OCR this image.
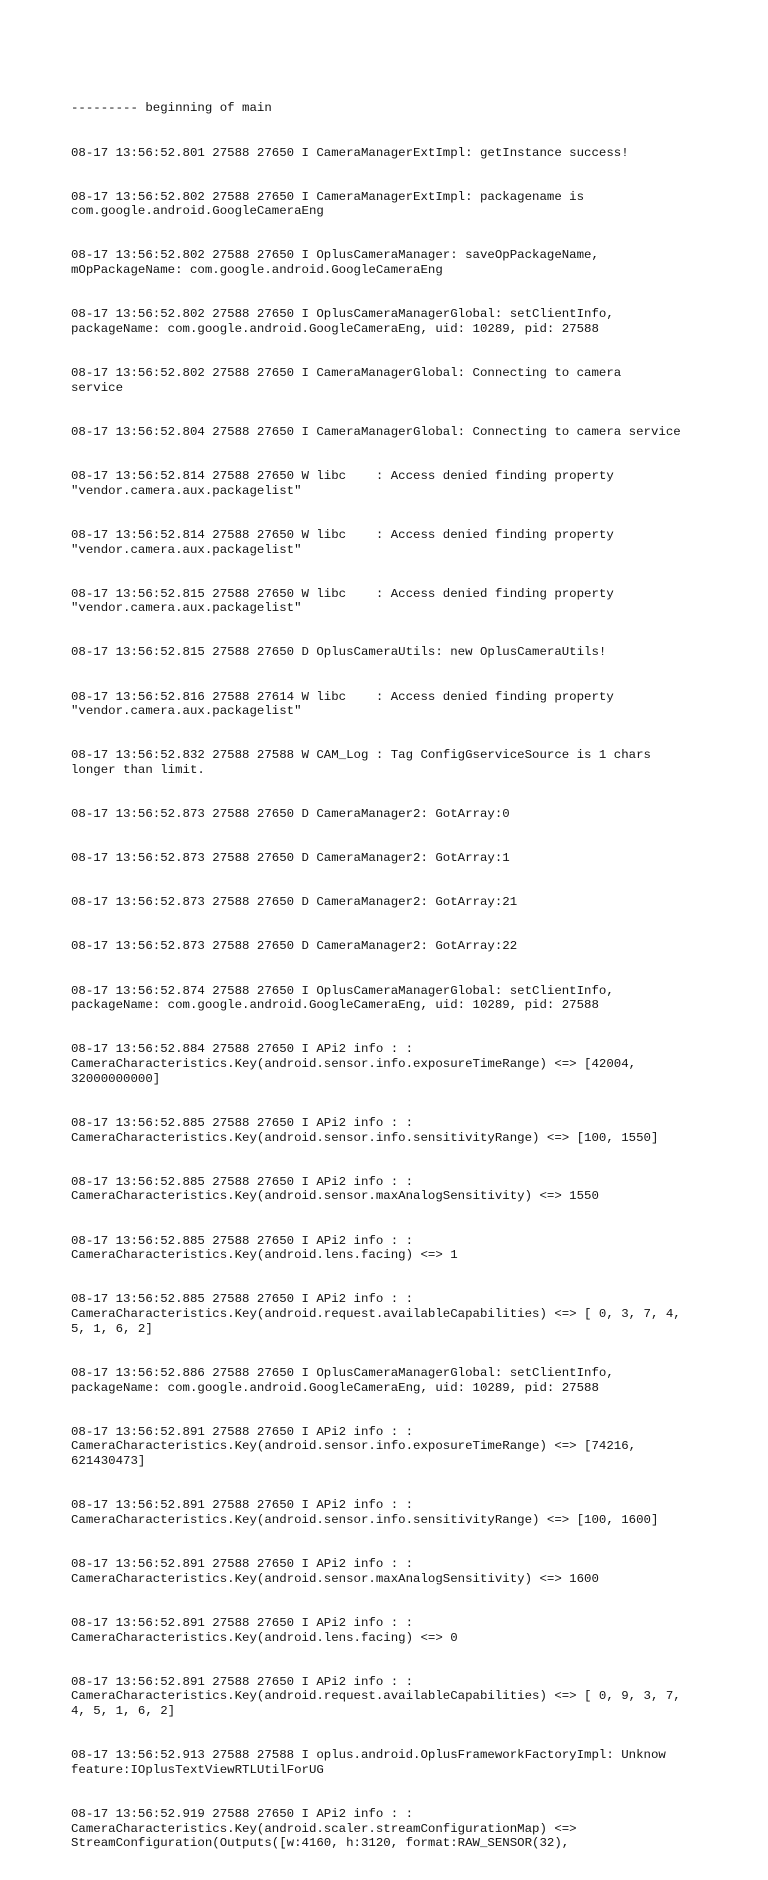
--------- beginning of main

08-17 13:56:52.801 27588 27650 I CameraManagerExtImpl: getInstance success!

08-17 13:56:52.802 27588 27650 I CameraManagerExtImpl: packagename is
com.google.android.GoogleCameraEng

08-17 13:56:52.802 27588 27650 I OplusCameraManager: saveOpPackageName,
mOpPackageName: com.google.android.GoogleCameraEng

08-17 13:56:52.802 27588 27650 I OplusCameraManagerGlobal: setClientInfo,
packageName: com.google.android.GoogleCameraEng, uid: 10289, pid: 27588

08-17 13:56:52.802 27588 27650 I CameraManagerGlobal: Connecting to camera
service

08-17 13:56:52.804 27588 27650 I CameraManagerGlobal: Connecting to camera service

08-17 13:56:52.814 27588 27650 W libc    : Access denied finding property
"vendor.camera.aux.packagelist"

08-17 13:56:52.814 27588 27650 W libc    : Access denied finding property
"vendor.camera.aux.packagelist"

08-17 13:56:52.815 27588 27650 W libc    : Access denied finding property
"vendor.camera.aux.packagelist"

08-17 13:56:52.815 27588 27650 D OplusCameraUtils: new OplusCameraUtils!

08-17 13:56:52.816 27588 27614 W libc    : Access denied finding property
"vendor.camera.aux.packagelist"

08-17 13:56:52.832 27588 27588 W CAM_Log : Tag ConfigGserviceSource is 1 chars
longer than limit.

08-17 13:56:52.873 27588 27650 D CameraManager2: GotArray:0

08-17 13:56:52.873 27588 27650 D CameraManager2: GotArray:1

08-17 13:56:52.873 27588 27650 D CameraManager2: GotArray:21

08-17 13:56:52.873 27588 27650 D CameraManager2: GotArray:22

08-17 13:56:52.874 27588 27650 I OplusCameraManagerGlobal: setClientInfo,
packageName: com.google.android.GoogleCameraEng, uid: 10289, pid: 27588

08-17 13:56:52.884 27588 27650 I APi2 info : :
CameraCharacteristics.Key(android.sensor.info.exposureTimeRange) <=> [42004,
32000000000]

08-17 13:56:52.885 27588 27650 I APi2 info : :
CameraCharacteristics.Key(android.sensor.info.sensitivityRange) <=> [100, 1550]

08-17 13:56:52.885 27588 27650 I APi2 info : :
CameraCharacteristics.Key(android.sensor.maxAnalogSensitivity) <=> 1550

08-17 13:56:52.885 27588 27650 I APi2 info : :
CameraCharacteristics.Key(android.lens.facing) <=> 1

08-17 13:56:52.885 27588 27650 I APi2 info : :
CameraCharacteristics.Key(android.request.availableCapabilities) <=> [ 0, 3, 7, 4,
5, 1, 6, 2]

08-17 13:56:52.886 27588 27650 I OplusCameraManagerGlobal: setClientInfo,
packageName: com.google.android.GoogleCameraEng, uid: 10289, pid: 27588

08-17 13:56:52.891 27588 27650 I APi2 info : :
CameraCharacteristics.Key(android.sensor.info.exposureTimeRange) <=> [74216,
621430473]

08-17 13:56:52.891 27588 27650 I APi2 info : :
CameraCharacteristics.Key(android.sensor.info.sensitivityRange) <=> [100, 1600]

08-17 13:56:52.891 27588 27650 I APi2 info : :
CameraCharacteristics.Key(android.sensor.maxAnalogSensitivity) <=> 1600

08-17 13:56:52.891 27588 27650 I APi2 info : :
CameraCharacteristics.Key(android.lens.facing) <=> 0

08-17 13:56:52.891 27588 27650 I APi2 info : :
CameraCharacteristics.Key(android.request.availableCapabilities) <=> [ 0, 9, 3, 7,
4, 5, 1, 6, 2]

08-17 13:56:52.913 27588 27588 I oplus.android.OplusFrameworkFactoryImpl: Unknow
feature:IOplusTextViewRTLUtilForUG

08-17 13:56:52.919 27588 27650 I APi2 info : :
CameraCharacteristics.Key(android.scaler.streamConfigurationMap) <=>
StreamConfiguration(Outputs([w:4160, h:3120, format:RAW_SENSOR(32),
